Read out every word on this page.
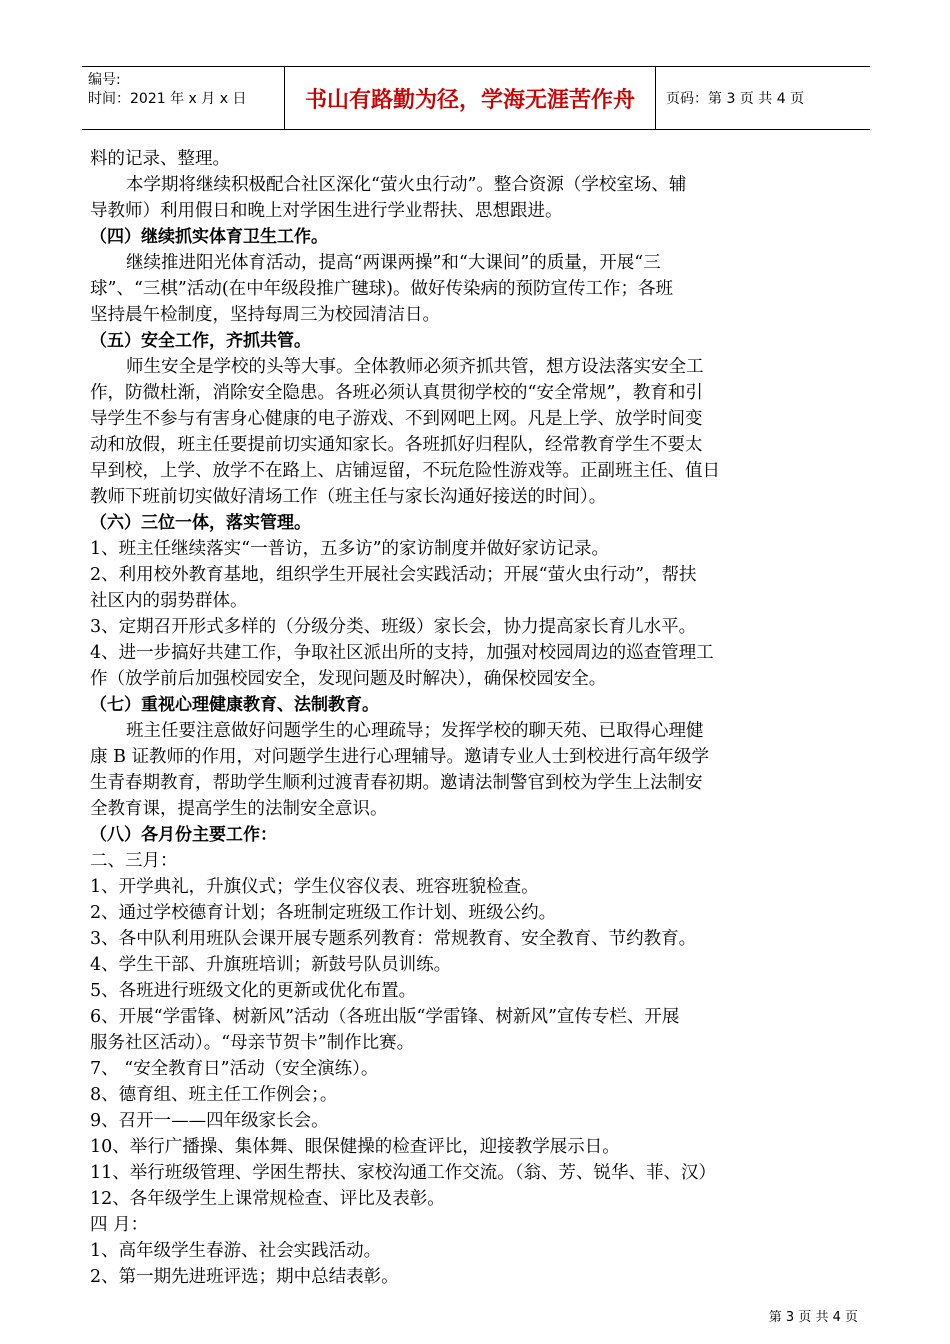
编号:
时间：2021 年 x 月 x 日	书山有路勤为径，学海无涯苦作舟	页码：第 3 页 共 4 页
料的记录、整理。
本学期将继续积极配合社区深化“萤火虫行动”。整合资源（学校室场、辅
导教师）利用假日和晚上对学困生进行学业帮扶、思想跟进。
（四）继续抓实体育卫生工作。
继续推进阳光体育活动，提高“两课两操”和“大课间”的质量，开展“三
球”、“三棋”活动(在中年级段推广毽球)。做好传染病的预防宣传工作；各班
坚持晨午检制度，坚持每周三为校园清洁日。
（五）安全工作，齐抓共管。
师生安全是学校的头等大事。全体教师必须齐抓共管，想方设法落实安全工
作，防微杜渐，消除安全隐患。各班必须认真贯彻学校的“安全常规”，教育和引
导学生不参与有害身心健康的电子游戏、不到网吧上网。凡是上学、放学时间变
动和放假，班主任要提前切实通知家长。各班抓好归程队，经常教育学生不要太
早到校，上学、放学不在路上、店铺逗留，不玩危险性游戏等。正副班主任、值日
教师下班前切实做好清场工作（班主任与家长沟通好接送的时间）。
（六）三位一体，落实管理。
1、班主任继续落实“一普访，五多访”的家访制度并做好家访记录。
2、利用校外教育基地，组织学生开展社会实践活动；开展“萤火虫行动”，帮扶
社区内的弱势群体。
3、定期召开形式多样的（分级分类、班级）家长会，协力提高家长育儿水平。
4、进一步搞好共建工作，争取社区派出所的支持，加强对校园周边的巡查管理工
作（放学前后加强校园安全，发现问题及时解决），确保校园安全。
（七）重视心理健康教育、法制教育。
班主任要注意做好问题学生的心理疏导；发挥学校的聊天苑、已取得心理健
康 B 证教师的作用，对问题学生进行心理辅导。邀请专业人士到校进行高年级学
生青春期教育，帮助学生顺利过渡青春初期。邀请法制警官到校为学生上法制安
全教育课，提高学生的法制安全意识。
（八）各月份主要工作：
二、三月：
1、开学典礼，升旗仪式；学生仪容仪表、班容班貌检查。
2、通过学校德育计划；各班制定班级工作计划、班级公约。
3、各中队利用班队会课开展专题系列教育：常规教育、安全教育、节约教育。
4、学生干部、升旗班培训；新鼓号队员训练。
5、各班进行班级文化的更新或优化布置。
6、开展“学雷锋、树新风”活动（各班出版“学雷锋、树新风”宣传专栏、开展
服务社区活动）。“母亲节贺卡”制作比赛。
7、 “安全教育日”活动（安全演练）。
8、德育组、班主任工作例会；。
9、召开一——四年级家长会。
10、举行广播操、集体舞、眼保健操的检查评比，迎接教学展示日。
11、举行班级管理、学困生帮扶、家校沟通工作交流。（翁、芳、锐华、菲、汉）
12、各年级学生上课常规检查、评比及表彰。
四 月：
1、高年级学生春游、社会实践活动。
2、第一期先进班评选；期中总结表彰。
第 3 页 共 4 页
